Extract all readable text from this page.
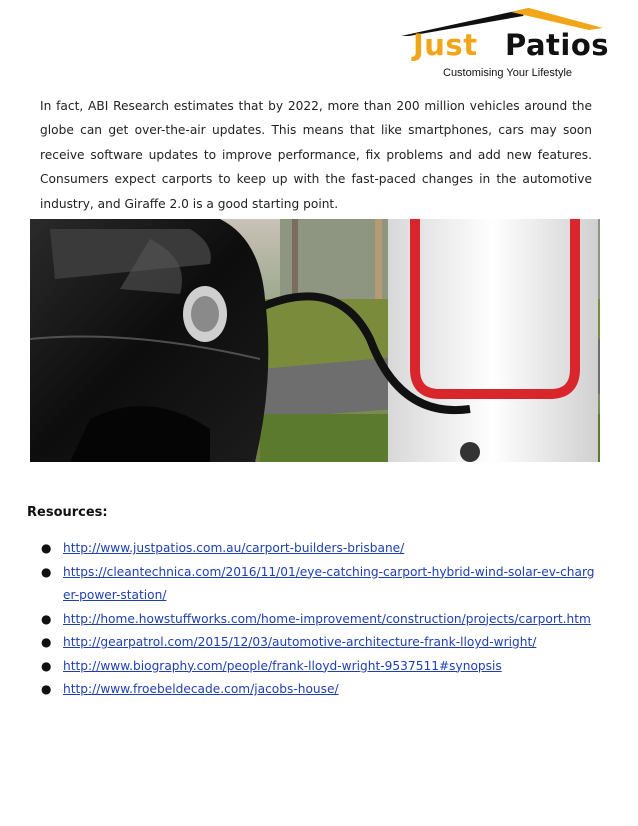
Just Patios
Customising Your Lifestyle

In fact, ABI Research estimates that by 2022, more than 200 million vehicles around the globe can get over-the-air updates. This means that like smartphones, cars may soon receive software updates to improve performance, fix problems and add new features. Consumers expect carports to keep up with the fast-paced changes in the automotive industry, and Giraffe 2.0 is a good starting point.

Resources:

● http://www.justpatios.com.au/carport-builders-brisbane/
● https://cleantechnica.com/2016/11/01/eye-catching-carport-hybrid-wind-solar-ev-charger-power-station/
● http://home.howstuffworks.com/home-improvement/construction/projects/carport.htm
● http://gearpatrol.com/2015/12/03/automotive-architecture-frank-lloyd-wright/
● http://www.biography.com/people/frank-lloyd-wright-9537511#synopsis
● http://www.froebeldecade.com/jacobs-house/
